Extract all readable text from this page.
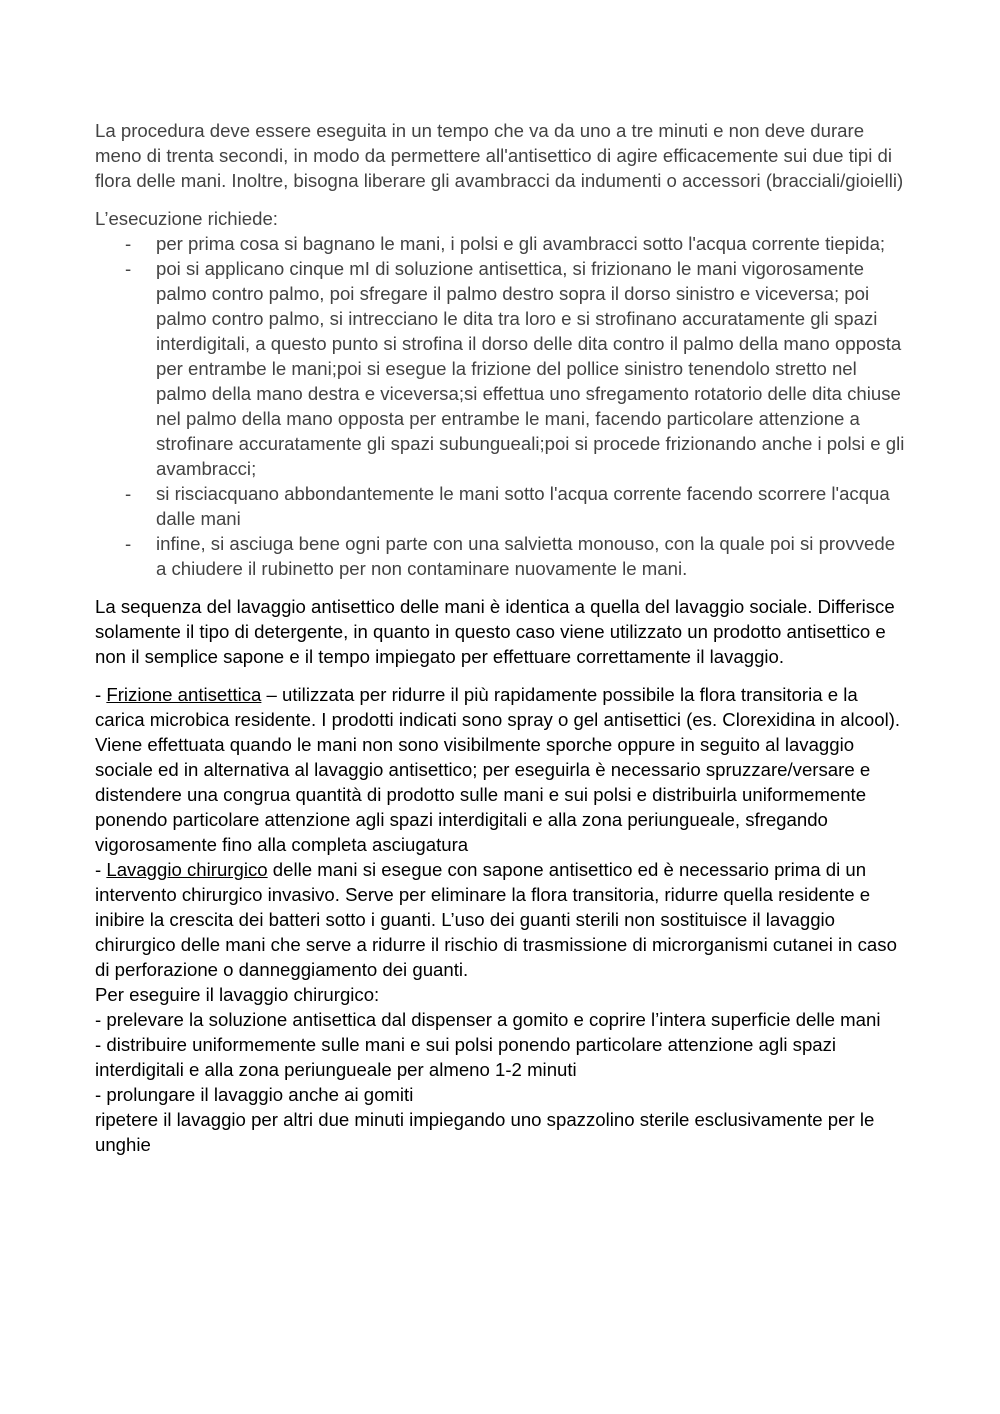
La procedura deve essere eseguita in un tempo che va da uno a tre minuti e non deve durare meno di trenta secondi, in modo da permettere all'antisettico di agire efficacemente sui due tipi di flora delle mani. Inoltre, bisogna liberare gli avambracci da indumenti o accessori (bracciali/gioielli)

L’esecuzione richiede:

- per prima cosa si bagnano le mani, i polsi e gli avambracci sotto l'acqua corrente tiepida;
- poi si applicano cinque mI di soluzione antisettica, si frizionano le mani vigorosamente palmo contro palmo, poi sfregare il palmo destro sopra il dorso sinistro e viceversa; poi palmo contro palmo, si intrecciano le dita tra loro e si strofinano accuratamente gli spazi interdigitali, a questo punto si strofina il dorso delle dita contro il palmo della mano opposta per entrambe le mani;poi si esegue la frizione del pollice sinistro tenendolo stretto nel palmo della mano destra e viceversa;si effettua uno sfregamento rotatorio delle dita chiuse nel palmo della mano opposta per entrambe le mani, facendo particolare attenzione a strofinare accuratamente gli spazi subungueali;poi si procede frizionando anche i polsi e gli avambracci;
- si risciacquano abbondantemente le mani sotto l'acqua corrente facendo scorrere l'acqua dalle mani
- infine, si asciuga bene ogni parte con una salvietta monouso, con la quale poi si provvede a chiudere il rubinetto per non contaminare nuovamente le mani.

La sequenza del lavaggio antisettico delle mani è identica a quella del lavaggio sociale. Differisce solamente il tipo di detergente, in quanto in questo caso viene utilizzato un prodotto antisettico e non il semplice sapone e il tempo impiegato per effettuare correttamente il lavaggio.

- Frizione antisettica – utilizzata per ridurre il più rapidamente possibile la flora transitoria e la carica microbica residente. I prodotti indicati sono spray o gel antisettici (es. Clorexidina in alcool). Viene effettuata quando le mani non sono visibilmente sporche oppure in seguito al lavaggio sociale ed in alternativa al lavaggio antisettico; per eseguirla è necessario spruzzare/versare e distendere una congrua quantità di prodotto sulle mani e sui polsi e distribuirla uniformemente ponendo particolare attenzione agli spazi interdigitali e alla zona periungueale, sfregando vigorosamente fino alla completa asciugatura

- Lavaggio chirurgico delle mani si esegue con sapone antisettico ed è necessario prima di un intervento chirurgico invasivo. Serve per eliminare la flora transitoria, ridurre quella residente e inibire la crescita dei batteri sotto i guanti. L’uso dei guanti sterili non sostituisce il lavaggio chirurgico delle mani che serve a ridurre il rischio di trasmissione di microrganismi cutanei in caso di perforazione o danneggiamento dei guanti.

Per eseguire il lavaggio chirurgico:

- prelevare la soluzione antisettica dal dispenser a gomito e coprire l’intera superficie delle mani

- distribuire uniformemente sulle mani e sui polsi ponendo particolare attenzione agli spazi interdigitali e alla zona periungueale per almeno 1-2 minuti

- prolungare il lavaggio anche ai gomiti

ripetere il lavaggio per altri due minuti impiegando uno spazzolino sterile esclusivamente per le unghie
